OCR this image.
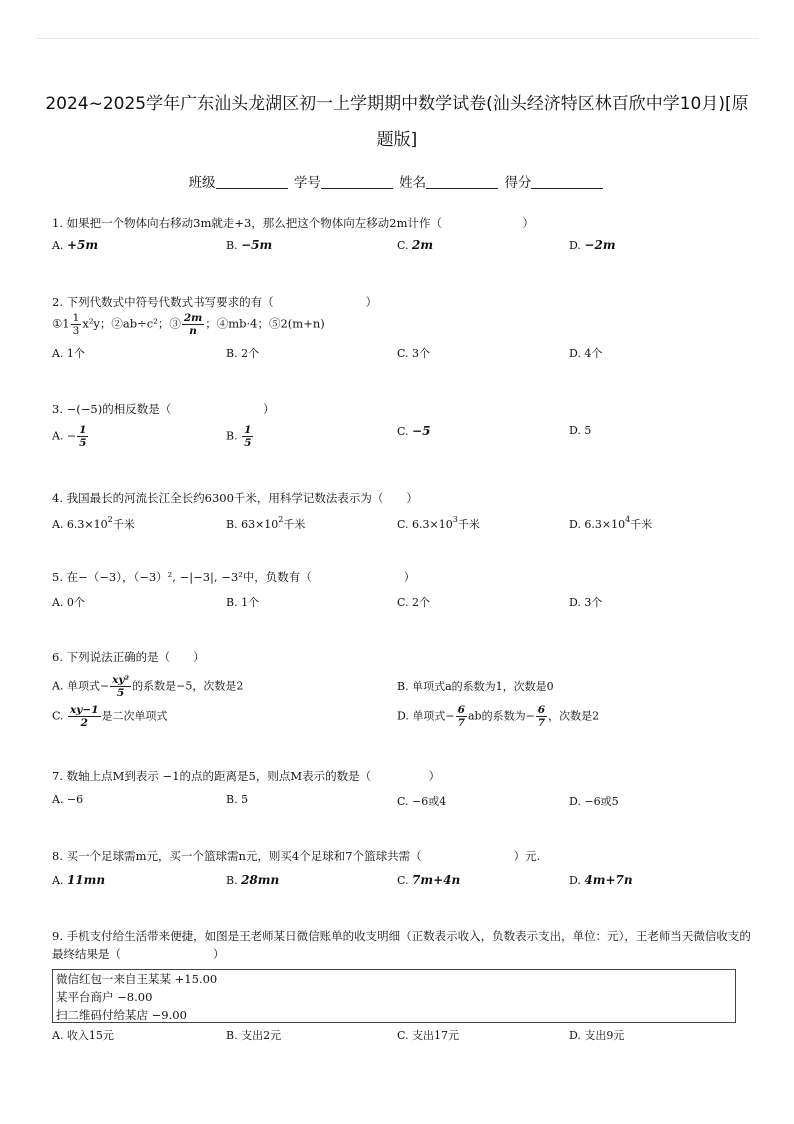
2024~2025学年广东汕头龙湖区初一上学期期中数学试卷(汕头经济特区林百欣中学10月)[原题版]
班级	学号	姓名	得分
1. 如果把一个物体向右移动3m就走+3，那么把这个物体向左移动2m计作（　　　　　　　）
A. +5m	B. −5m	C. 2m	D. −2m
2. 下列代数式中符号代数式书写要求的有（　　　　　　　　）
①1 $\frac{1}{3} x^2y$；②ab÷c²；③ $\frac{2m}{n}$ ；④mb·4；⑤2(m+n)
A. 1个	B. 2个	C. 3个	D. 4个
3. −(−5)的相反数是（　　　　　　　　）
A. − $\frac{1}{5}$	B. $\frac{1}{5}$	C. −5	D. 5
4. 我国最长的河流长江全长约6300千米，用科学记数法表示为（　　）
A. $6.3\times 10^2$千米	B. $63\times 10^2$千米	C. $6.3\times 10^3$千米	D. $6.3\times 10^4$千米
5. 在−（−3），（−3）², −|−3|, −3²中，负数有（　　　　　　　　）
A. 0个	B. 1个	C. 2个	D. 3个
6. 下列说法正确的是（　　）
A. 单项式− $\frac{\text{xy²}}{5}$ 的系数是−5，次数是2	B. 单项式a的系数为1，次数是0
C. $\frac{xy-1}{2}$ 是二次单项式	D. 单项式− $\frac{6}{7}$ ab的系数为− $\frac{6}{7}$ ，次数是2
7. 数轴上点M到表示 −1的点的距离是5，则点M表示的数是（　　　　　）
A. −6	B. 5	C. −6或4	D. −6或5
8. 买一个足球需m元，买一个篮球需n元，则买4个足球和7个篮球共需（　　　　　　　　）元.
A. 11mn	B. 28mn	C. 7m+4n	D. 4m+7n
9. 手机支付给生活带来便捷，如图是王老师某日微信账单的收支明细（正数表示收入，负数表示支出，单位：元），王老师当天微信收支的最终结果是（　　　　　　　　）
微信红包一来自王某某 +15.00
某平台商户 −8.00
扫二维码付给某店 −9.00
A. 收入15元	B. 支出2元	C. 支出17元	D. 支出9元
